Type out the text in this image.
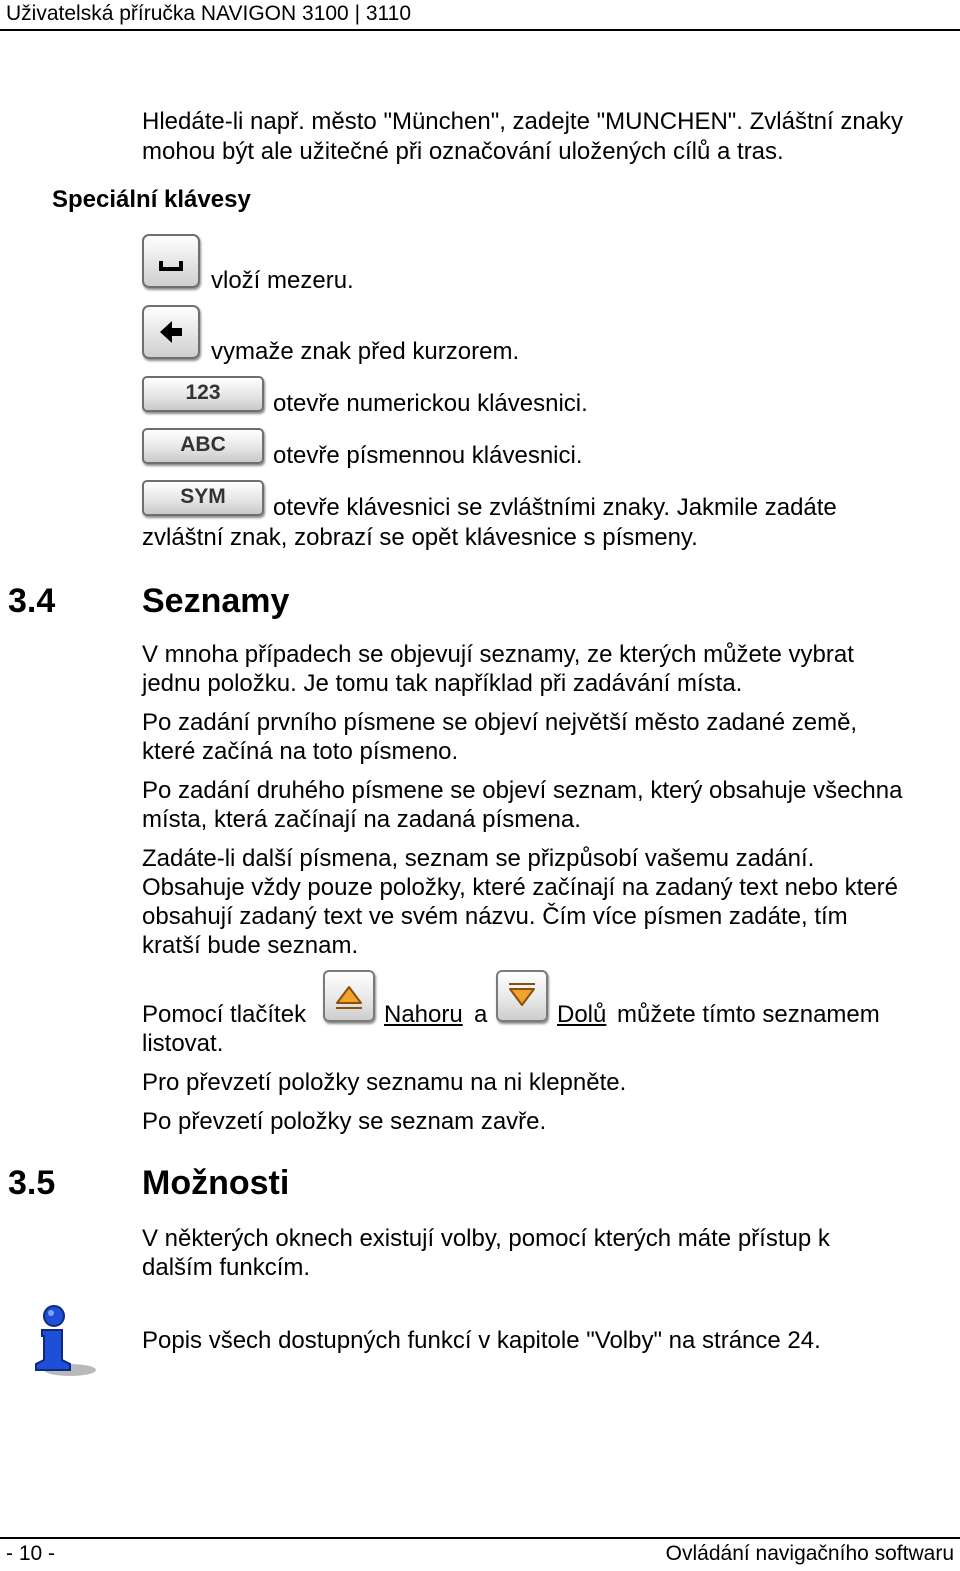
Uživatelská příručka NAVIGON 3100 | 3110
Hledáte-li např. město "München", zadejte "MUNCHEN". Zvláštní znaky
mohou být ale užitečné při označování uložených cílů a tras.
Speciální klávesy
vloží mezeru.
vymaže znak před kurzorem.
123	otevře numerickou klávesnici.
ABC	otevře písmennou klávesnici.
SYM	otevře klávesnici se zvláštními znaky. Jakmile zadáte
zvláštní znak, zobrazí se opět klávesnice s písmeny.
3.4	Seznamy
V mnoha případech se objevují seznamy, ze kterých můžete vybrat
jednu položku. Je tomu tak například při zadávání místa.
Po zadání prvního písmene se objeví největší město zadané země,
které začíná na toto písmeno.
Po zadání druhého písmene se objeví seznam, který obsahuje všechna
místa, která začínají na zadaná písmena.
Zadáte-li další písmena, seznam se přizpůsobí vašemu zadání.
Obsahuje vždy pouze položky, které začínají na zadaný text nebo které
obsahují zadaný text ve svém názvu. Čím více písmen zadáte, tím
kratší bude seznam.
Pomocí tlačítek	Nahoru a	Dolů můžete tímto seznamem
listovat.
Pro převzetí položky seznamu na ni klepněte.
Po převzetí položky se seznam zavře.
3.5	Možnosti
V některých oknech existují volby, pomocí kterých máte přístup k
dalším funkcím.
Popis všech dostupných funkcí v kapitole "Volby" na stránce 24.
- 10 -	Ovládání navigačního softwaru
